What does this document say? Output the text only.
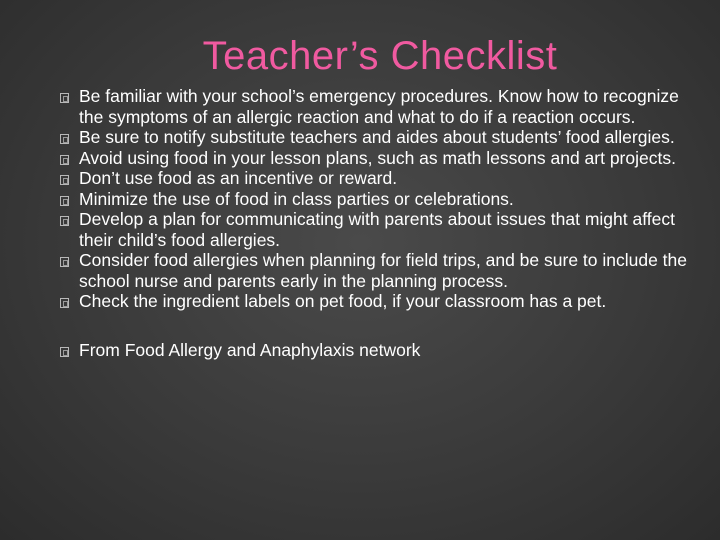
Teacher’s Checklist
Be familiar with your school’s emergency procedures. Know how to recognize the symptoms of an allergic reaction and what to do if a reaction occurs.
Be sure to notify substitute teachers and aides about students’ food allergies.
Avoid using food in your lesson plans, such as math lessons and art projects.
Don’t use food as an incentive or reward.
Minimize the use of food in class parties or celebrations.
Develop a plan for communicating with parents about issues that might affect their child’s food allergies.
Consider food allergies when planning for field trips, and be sure to include the school nurse and parents early in the planning process.
Check the ingredient labels on pet food, if your classroom has a pet.
From Food Allergy and Anaphylaxis network
